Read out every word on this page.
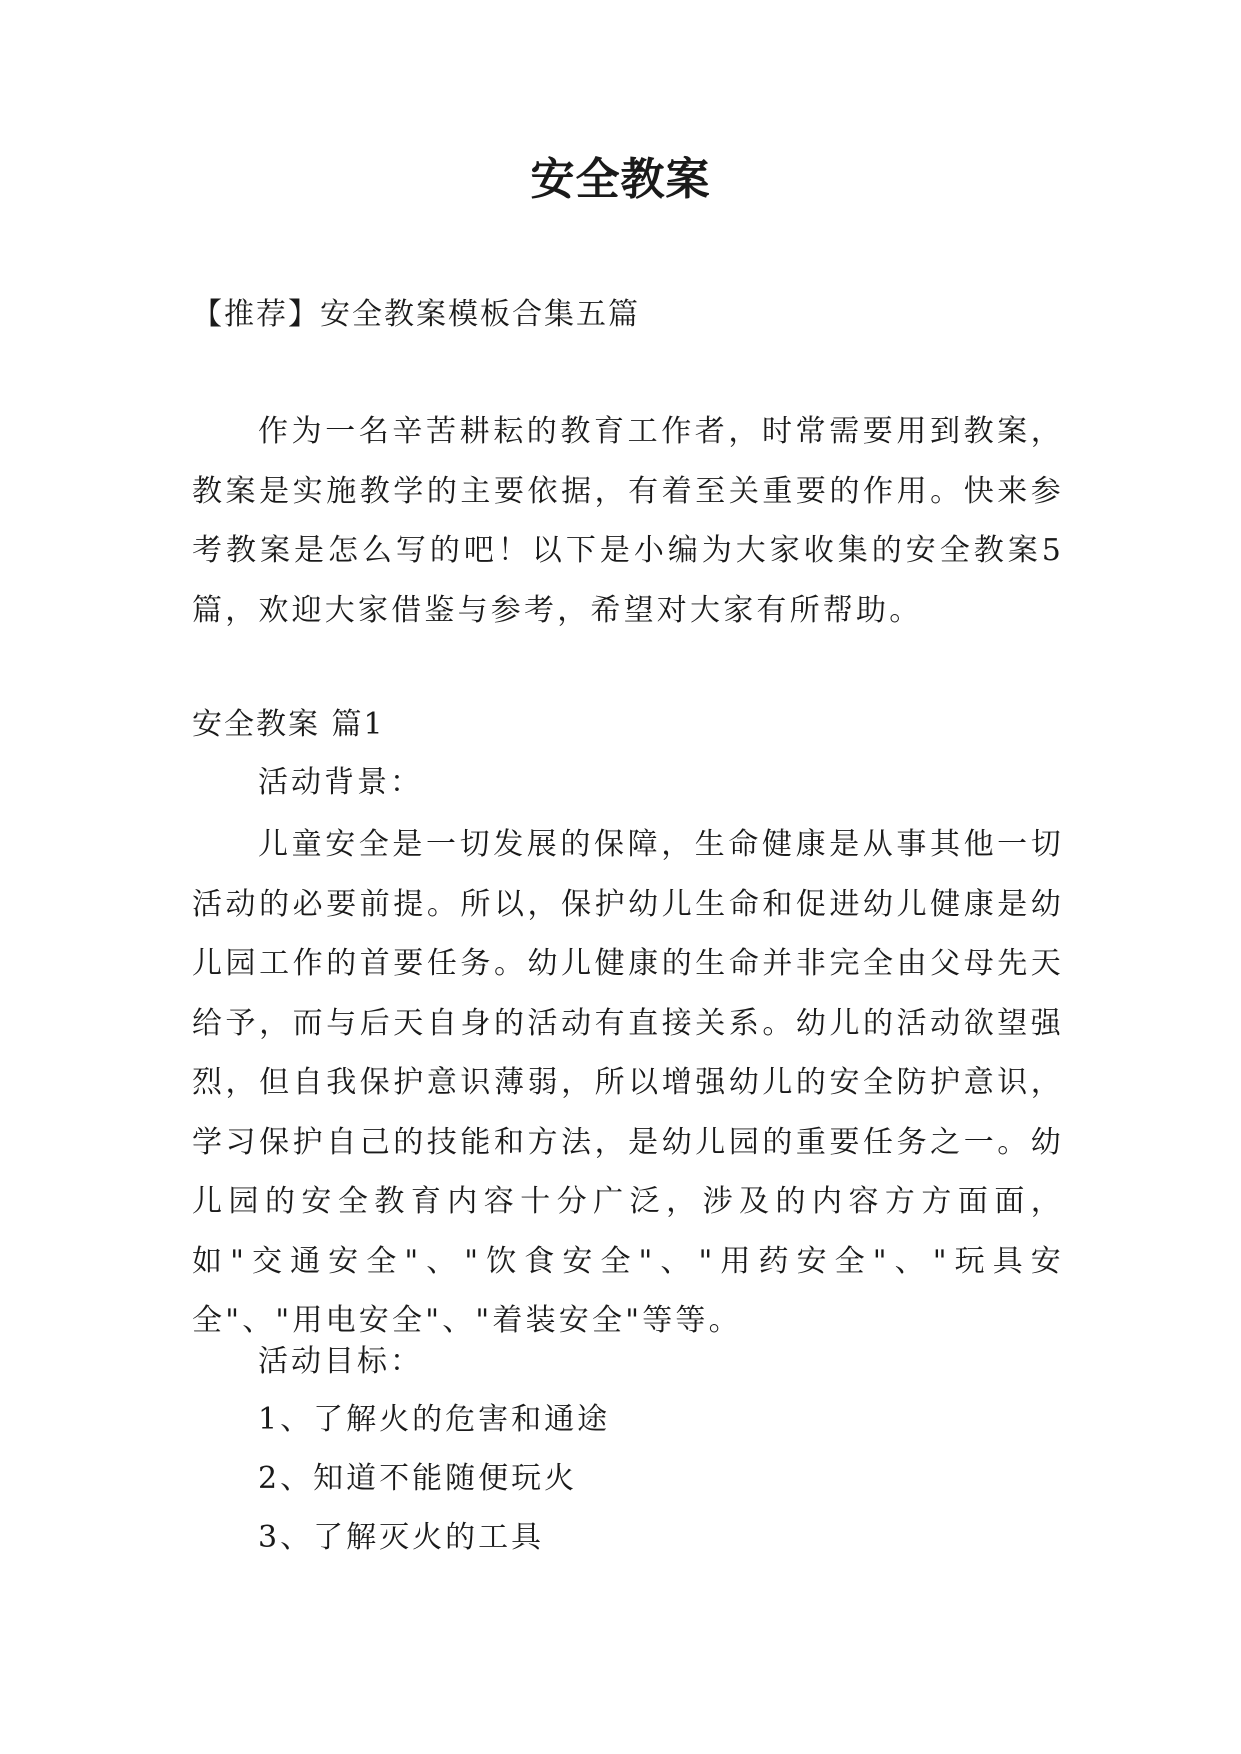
安全教案
【推荐】安全教案模板合集五篇

作为一名辛苦耕耘的教育工作者，时常需要用到教案，教案是实施教学的主要依据，有着至关重要的作用。快来参考教案是怎么写的吧！以下是小编为大家收集的安全教案5篇，欢迎大家借鉴与参考，希望对大家有所帮助。

安全教案 篇1
活动背景：

儿童安全是一切发展的保障，生命健康是从事其他一切活动的必要前提。所以，保护幼儿生命和促进幼儿健康是幼儿园工作的首要任务。幼儿健康的生命并非完全由父母先天给予，而与后天自身的活动有直接关系。幼儿的活动欲望强烈，但自我保护意识薄弱，所以增强幼儿的安全防护意识，学习保护自己的技能和方法，是幼儿园的重要任务之一。幼儿园的安全教育内容十分广泛，涉及的内容方方面面，如"交通安全"、"饮食安全"、"用药安全"、"玩具安全"、"用电安全"、"着装安全"等等。

活动目标：
1、了解火的危害和通途
2、知道不能随便玩火
3、了解灭火的工具
